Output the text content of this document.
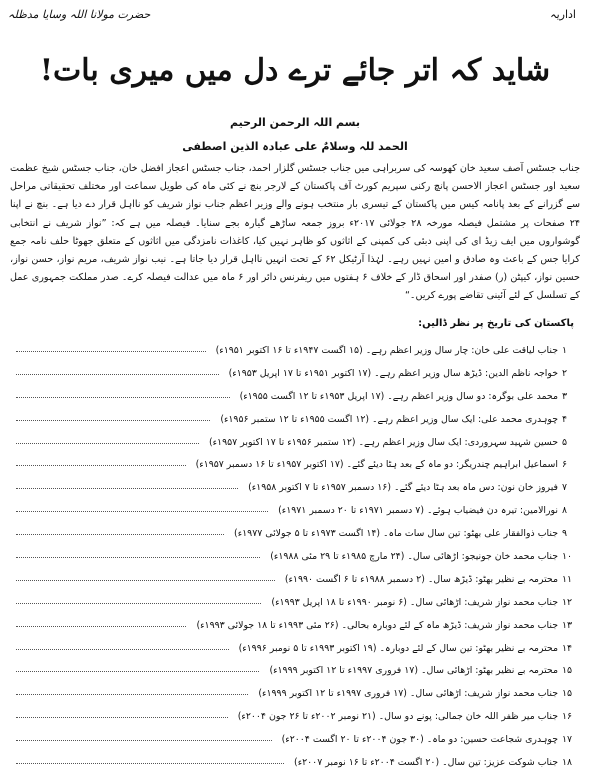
حضرت مولانا اللہ وسایا مدظلہ	اداریہ
شاید کہ اتر جائے ترے دل میں میری بات!
بسم اللہ الرحمن الرحیم
الحمد للہ وسلامٌ علی عبادہ الذین اصطفی
جناب جسٹس آصف سعید خان کھوسہ کی سربراہی میں جناب جسٹس گلزار احمد، جناب جسٹس اعجاز افضل خان، جناب جسٹس شیخ عظمت سعید اور جسٹس اعجاز الاحسن پانچ رکنی سپریم کورٹ آف پاکستان کے لارجر بنچ نے کئی ماہ کی طویل سماعت اور مختلف تحقیقاتی مراحل سے گزرانے کے بعد پانامہ کیس میں پاکستان کے تیسری بار منتخب ہونے والے وزیر اعظم جناب نواز شریف کو نااہل قرار دے دیا ہے۔ بنچ نے اپنا ۲۴ صفحات پر مشتمل فیصلہ مورخہ ۲۸ جولائی ۲۰۱۷ء بروز جمعہ ساڑھے گیارہ بجے سنایا۔ فیصلہ میں ہے کہ: ”نواز شریف نے انتخابی گوشواروں میں ایف زیڈ ای کی اپنی دبئی کی کمپنی کے اثاثوں کو ظاہر نہیں کیا، کاغذات نامزدگی میں اثاثوں کے متعلق جھوٹا حلف نامہ جمع کرایا جس کے باعث وہ صادق و امین نہیں رہے۔ لہٰذا آرٹیکل ۶۲ کے تحت انہیں نااہل قرار دیا جاتا ہے۔ نیب نواز شریف، مریم نواز، حسن نواز، حسین نواز، کیپٹن (ر) صفدر اور اسحاق ڈار کے خلاف ۶ ہفتوں میں ریفرنس دائر اور ۶ ماہ میں عدالت فیصلہ کرے۔ صدر مملکت جمہوری عمل کے تسلسل کے لئے آئینی تقاضے پورے کریں۔“
پاکستان کی تاریخ پر نظر ڈالیں:
۱
جناب لیاقت علی خان: چار سال وزیر اعظم رہے۔ (۱۵ اگست ۱۹۴۷ء تا ۱۶ اکتوبر ۱۹۵۱ء)
۲
خواجہ ناظم الدین: ڈیڑھ سال وزیر اعظم رہے۔ (۱۷ اکتوبر ۱۹۵۱ء تا ۱۷ اپریل ۱۹۵۳ء)
۳
محمد علی بوگرہ: دو سال وزیر اعظم رہے۔ (۱۷ اپریل ۱۹۵۳ء تا ۱۲ اگست ۱۹۵۵ء)
۴
چوہدری محمد علی: ایک سال وزیر اعظم رہے۔ (۱۲ اگست ۱۹۵۵ء تا ۱۲ ستمبر ۱۹۵۶ء)
۵
حسین شہید سہروردی: ایک سال وزیر اعظم رہے۔ (۱۲ ستمبر ۱۹۵۶ء تا ۱۷ اکتوبر ۱۹۵۷ء)
۶
اسماعیل ابراہیم چندریگر: دو ماہ کے بعد ہٹا دیئے گئے۔ (۱۷ اکتوبر ۱۹۵۷ء تا ۱۶ دسمبر ۱۹۵۷ء)
۷
فیروز خان نون: دس ماہ بعد ہٹا دیئے گئے۔ (۱۶ دسمبر ۱۹۵۷ء تا ۷ اکتوبر ۱۹۵۸ء)
۸
نورالامین: تیرہ دن فیضیاب ہوئے۔ (۷ دسمبر ۱۹۷۱ء تا ۲۰ دسمبر ۱۹۷۱ء)
۹
جناب ذوالفقار علی بھٹو: تین سال سات ماہ۔ (۱۴ اگست ۱۹۷۳ء تا ۵ جولائی ۱۹۷۷ء)
۱۰
جناب محمد خان جونیجو: اڑھائی سال۔ (۲۴ مارچ ۱۹۸۵ء تا ۲۹ مئی ۱۹۸۸ء)
۱۱
محترمہ بے نظیر بھٹو: ڈیڑھ سال۔ (۲ دسمبر ۱۹۸۸ء تا ۶ اگست ۱۹۹۰ء)
۱۲
جناب محمد نواز شریف: اڑھائی سال۔ (۶ نومبر ۱۹۹۰ء تا ۱۸ اپریل ۱۹۹۳ء)
۱۳
جناب محمد نواز شریف: ڈیڑھ ماہ کے لئے دوبارہ بحالی۔ (۲۶ مئی ۱۹۹۳ء تا ۱۸ جولائی ۱۹۹۳ء)
۱۴
محترمہ بے نظیر بھٹو: تین سال کے لئے دوبارہ۔ (۱۹ اکتوبر ۱۹۹۳ء تا ۵ نومبر ۱۹۹۶ء)
۱۵
محترمہ بے نظیر بھٹو: اڑھائی سال۔ (۱۷ فروری ۱۹۹۷ء تا ۱۲ اکتوبر ۱۹۹۹ء)
۱۵
جناب محمد نواز شریف: اڑھائی سال۔ (۱۷ فروری ۱۹۹۷ء تا ۱۲ اکتوبر ۱۹۹۹ء)
۱۶
جناب میر ظفر اللہ خان جمالی: پونے دو سال۔ (۲۱ نومبر ۲۰۰۲ء تا ۲۶ جون ۲۰۰۴ء)
۱۷
چوہدری شجاعت حسین: دو ماہ۔ (۳۰ جون ۲۰۰۴ء تا ۲۰ اگست ۲۰۰۴ء)
۱۸
جناب شوکت عزیز: تین سال۔ (۲۰ اگست ۲۰۰۴ء تا ۱۶ نومبر ۲۰۰۷ء)
